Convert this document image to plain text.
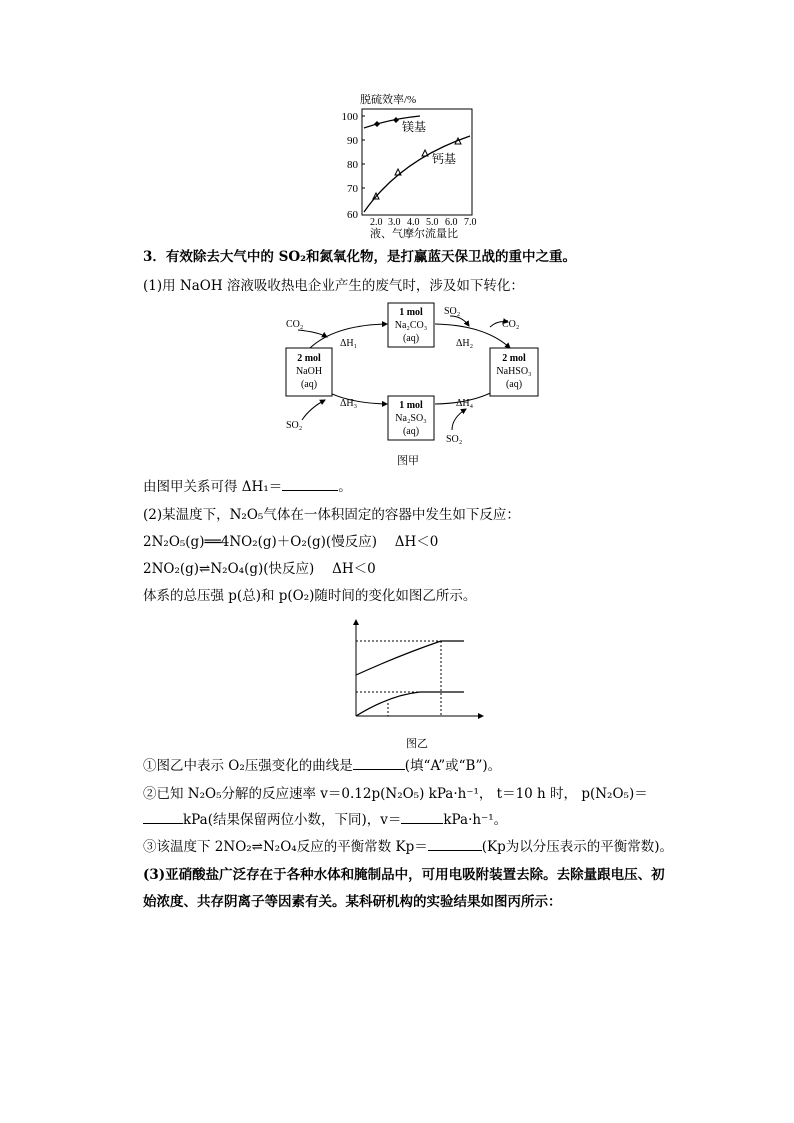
脱硫效率/%
100
90
80
70
60
2.0 3.0 4.0 5.0 6.0 7.0
液、气摩尔流量比
镁基
钙基
3．有效除去大气中的 SO₂和氮氧化物，是打赢蓝天保卫战的重中之重。
(1)用 NaOH 溶液吸收热电企业产生的废气时，涉及如下转化：
2 mol
NaOH
(aq)
1 mol
Na₂CO₃
(aq)
1 mol
Na₂SO₃
(aq)
2 mol
NaHSO₃
(aq)
CO₂
SO₂
CO₂
SO₂
SO₂
ΔH₁	ΔH₂
ΔH₃	ΔH₄
图甲
由图甲关系可得 ΔH₁＝	。
(2)某温度下，N₂O₅气体在一体积固定的容器中发生如下反应：
2N₂O₅(g)══4NO₂(g)＋O₂(g)(慢反应)　 ΔH＜0
2NO₂(g)⇌N₂O₄(g)(快反应)　 ΔH＜0
体系的总压强 p(总)和 p(O₂)随时间的变化如图乙所示。
图乙
①图乙中表示 O₂压强变化的曲线是	(填“A”或“B”)。
②已知 N₂O₅分解的反应速率 v＝0.12p(N₂O₅) kPa·h⁻¹， t＝10 h 时， p(N₂O₅)＝
kPa(结果保留两位小数，下同)，v＝	kPa·h⁻¹。
③该温度下 2NO₂⇌N₂O₄反应的平衡常数 Kp＝	(Kp为以分压表示的平衡常数)。
(3)亚硝酸盐广泛存在于各种水体和腌制品中，可用电吸附装置去除。去除量跟电压、初
始浓度、共存阴离子等因素有关。某科研机构的实验结果如图丙所示：
